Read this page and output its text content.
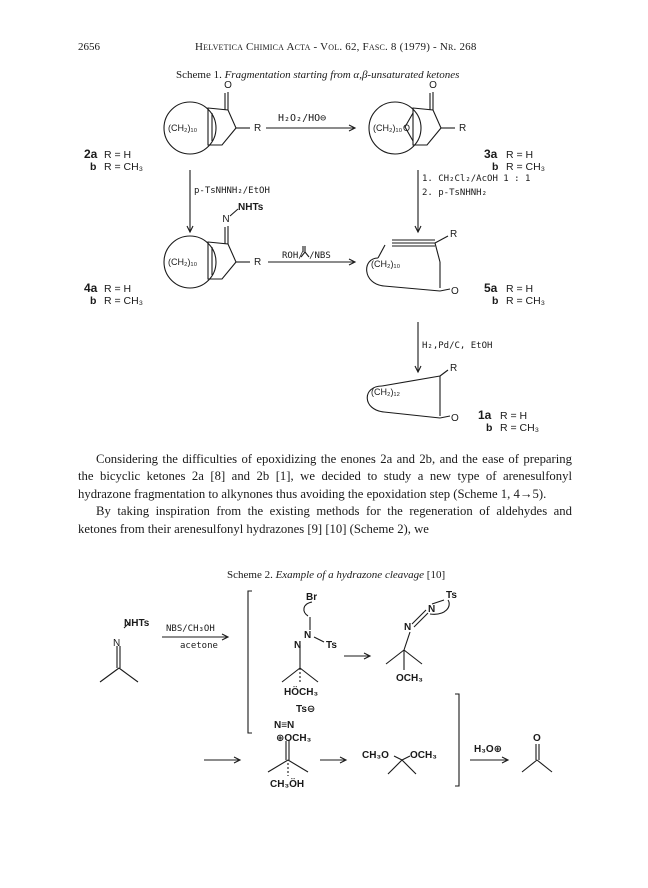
2656	Helvetica Chimica Acta - Vol. 62, Fasc. 8 (1979) - Nr. 268
Scheme 1. Fragmentation starting from α,β-unsaturated ketones
O
(CH₂)₁₀	R
O
(CH₂)₁₀ O	R
H₂O₂/HO⊖
p-TsNHNH₂/EtOH
1. CH₂Cl₂/AcOH 1 : 1
2. p-TsNHNH₂
N
NHTs
(CH₂)₁₀	R
ROH/ /NBS
(CH₂)₁₀
R
O
H₂,Pd/C, EtOH
(CH₂)₁₂
R
O
2a R = H
b R = CH₃
3a R = H
b R = CH₃
4a R = H
b R = CH₃
5a R = H
b R = CH₃
1a R = H
b R = CH₃
N
NHTs NBS/CH₃OH
acetone
Br
N
Ts
N
HÖCH₃
N
N
Ts
OCH₃
Ts⊖
N≡N
⊕OCH₃
CH₃ÖH
CH₃O OCH₃
H₃O⊕
O

Considering the difficulties of epoxidizing the enones 2a and 2b, and the ease of preparing the bicyclic ketones 2a [8] and 2b [1], we decided to study a new type of arenesulfonyl hydrazone fragmentation to alkynones thus avoiding the epoxidation step (Scheme 1, 4→5).

By taking inspiration from the existing methods for the regeneration of aldehydes and ketones from their arenesulfonyl hydrazones [9] [10] (Scheme 2), we

Scheme 2. Example of a hydrazone cleavage [10]
